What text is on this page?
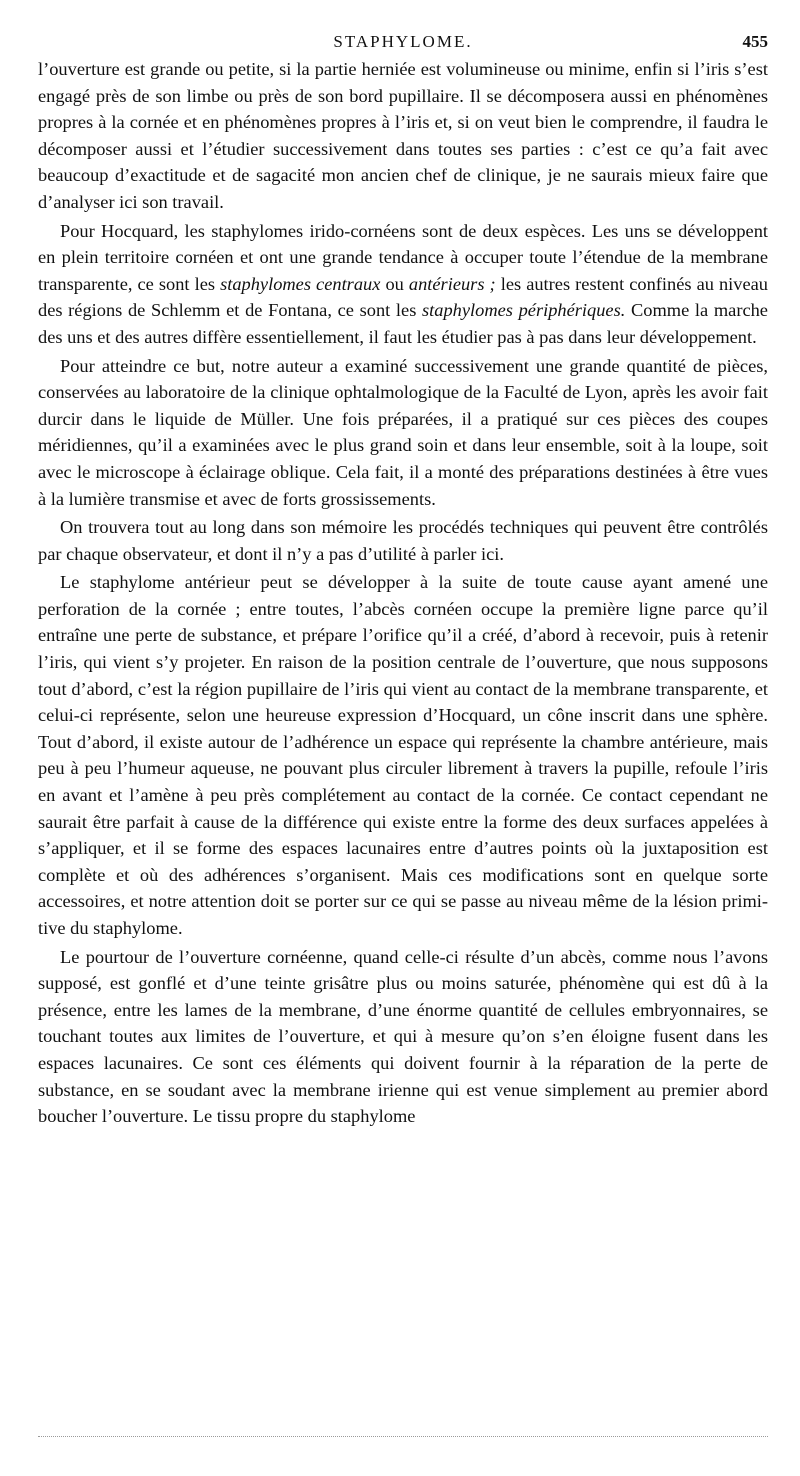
STAPHYLOME.	455

l’ouverture est grande ou petite, si la partie herniée est volumineuse ou minime, enfin si l’iris s’est engagé près de son limbe ou près de son bord pupillaire. Il se décomposera aussi en phénomènes propres à la cornée et en phénomènes propres à l’iris et, si on veut bien le comprendre, il faudra le décomposer aussi et l’étudier successivement dans toutes ses parties : c’est ce qu’a fait avec beaucoup d’exactitude et de sagacité mon ancien chef de clinique, je ne saurais mieux faire que d’analyser ici son travail.

Pour Hocquard, les staphylomes irido-cornéens sont de deux espèces. Les uns se développent en plein territoire cornéen et ont une grande tendance à occuper toute l’étendue de la membrane transparente, ce sont les staphylomes centraux ou antérieurs ; les autres restent confinés au niveau des régions de Schlemm et de Fontana, ce sont les staphylomes périphériques. Comme la marche des uns et des autres diffère essentiellement, il faut les étudier pas à pas dans leur développement.

Pour atteindre ce but, notre auteur a examiné successivement une grande quantité de pièces, conservées au laboratoire de la clinique ophtalmologique de la Faculté de Lyon, après les avoir fait durcir dans le liquide de Müller. Une fois préparées, il a pratiqué sur ces pièces des coupes méridiennes, qu’il a examinées avec le plus grand soin et dans leur ensemble, soit à la loupe, soit avec le microscope à éclairage oblique. Cela fait, il a monté des préparations destinées à être vues à la lumière transmise et avec de forts grossissements.

On trouvera tout au long dans son mémoire les procédés techniques qui peuvent être contrôlés par chaque observateur, et dont il n’y a pas d’utilité à parler ici.

Le staphylome antérieur peut se développer à la suite de toute cause ayant amené une perforation de la cornée ; entre toutes, l’abcès cornéen occupe la première ligne parce qu’il entraîne une perte de substance, et prépare l’orifice qu’il a créé, d’abord à recevoir, puis à retenir l’iris, qui vient s’y projeter. En raison de la position centrale de l’ouverture, que nous supposons tout d’abord, c’est la région pupillaire de l’iris qui vient au contact de la membrane transparente, et celui-ci représente, selon une heureuse expression d’Hocquard, un cône inscrit dans une sphère. Tout d’abord, il existe autour de l’adhérence un espace qui représente la chambre antérieure, mais peu à peu l’humeur aqueuse, ne pouvant plus circuler librement à travers la pupille, refoule l’iris en avant et l’amène à peu près complétement au contact de la cornée. Ce contact cependant ne saurait être parfait à cause de la différence qui existe entre la forme des deux surfaces appelées à s’appliquer, et il se forme des espaces lacunaires entre d’autres points où la juxtaposition est complète et où des adhérences s’organisent. Mais ces modifications sont en quelque sorte accessoires, et notre attention doit se porter sur ce qui se passe au niveau même de la lésion primitive du staphylome.

Le pourtour de l’ouverture cornéenne, quand celle-ci résulte d’un abcès, comme nous l’avons supposé, est gonflé et d’une teinte grisâtre plus ou moins saturée, phénomène qui est dû à la présence, entre les lames de la membrane, d’une énorme quantité de cellules embryonnaires, se touchant toutes aux limites de l’ouverture, et qui à mesure qu’on s’en éloigne fusent dans les espaces lacunaires. Ce sont ces éléments qui doivent fournir à la réparation de la perte de substance, en se soudant avec la membrane irienne qui est venue simplement au premier abord boucher l’ouverture. Le tissu propre du staphylome
